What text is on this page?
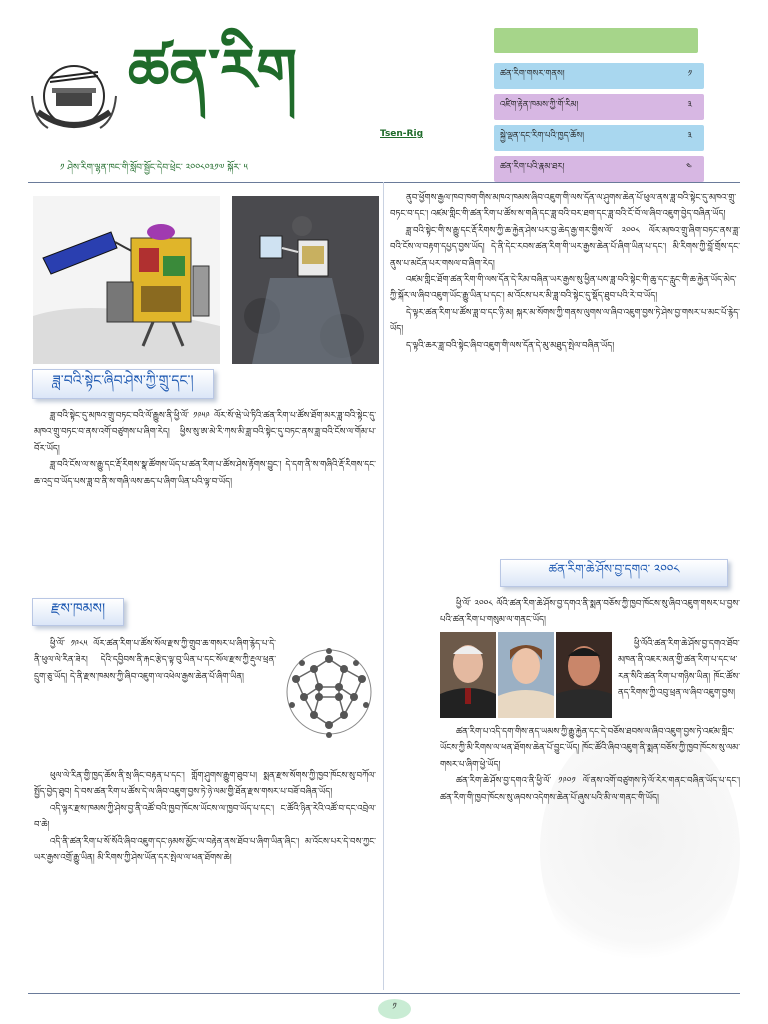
ཚན་རིག
Tsen-Rig
༡ ཤེས་རིག་ལྷན་ཁང་གི་སློབ་སྦྱོང་དེབ་ཕྲེང་ ༢༠༠༨༠༣༡༧ སྐོར་ ༥
ཚན་རིག་གསར་གནས།	༡
འཛིག་རྟེན་ཁམས་ཀྱི་གོ་རིམ།	༣
སྐྱེ་ལྡན་དང་རིག་པའི་ཁྱད་ཆོས།	༣
ཚན་རིག་པའི་རྣམ་ཐར།	༤
ཟླ་བའི་སྟེང་ཞིབ་ཤེས་ཀྱི་གྲུ་དང་།

ཟླ་བའི་སྟེང་དུ་མཁའ་གྲུ་བཏང་བའི་ལོ་རྒྱུས་ནི་ཕྱི་ལོ་ ༡༩༥༩ ལོར་སོ་ཝེ་ཡེ་ཏིའི་ཚན་རིག་པ་ཚོས་ཐོག་མར་ཟླ་བའི་སྟེང་དུ་མཁའ་གྲུ་བཏང་བ་ནས་འགོ་བཙུགས་པ་ཞིག་རེད། ཕྱིས་སུ་ཨ་མེ་རི་ཀས་མི་ཟླ་བའི་སྟེང་དུ་བཏང་ནས་ཟླ་བའི་ངོས་ལ་གོམ་པ་བོར་ཡོད།

ཟླ་བའི་ངོས་ལ་ས་རྒྱུ་དང་རྡོ་རིགས་སྣ་ཚོགས་ཡོད་པ་ཚན་རིག་པ་ཚོས་ཤེས་རྟོགས་བྱུང་། དེ་དག་ནི་ས་གཞིའི་རྡོ་རིགས་དང་ཆ་འདྲ་བ་ཡོད་པས་ཟླ་བ་ནི་ས་གཞི་ལས་ཆད་པ་ཞིག་ཡིན་པའི་ལྟ་བ་ཡོད།

རྫས་ཁམས།

ཕྱི་ལོ་ ༡༩༨༥ ལོར་ཚན་རིག་པ་ཚོས་སོལ་རྫས་ཀྱི་གྲུབ་ཆ་གསར་པ་ཞིག་རྙེད་པ་དེ་ནི་ཕུལ་ལེ་རིན་ཟེར། དེའི་དབྱིབས་ནི་རྐང་རྩེད་ལྟ་བུ་ཡིན་པ་དང་སོལ་རྫས་ཀྱི་རྡུལ་ཕྲན་དྲུག་ཅུ་ཡོད། དེ་ནི་རྫས་ཁམས་ཀྱི་ཞིབ་འཇུག་ལ་འཕེལ་རྒྱས་ཆེན་པོ་ཞིག་ཡིན།

ཕུལ་ལེ་རིན་གྱི་ཁྱད་ཆོས་ནི་སྲ་ཞིང་བརྟན་པ་དང་། གློག་ཤུགས་རྒྱུག་ཐུབ་པ། སྨན་རྫས་སོགས་ཀྱི་ཁྱབ་ཁོངས་སུ་བཀོལ་སྤྱོད་བྱེད་ཐུབ། དེ་བས་ཚན་རིག་པ་ཚོས་དེ་ལ་ཞིབ་འཇུག་བྱས་ཏེ་ཉེ་ལམ་གྱི་ཐོན་རྫས་གསར་པ་བཟོ་བཞིན་ཡོད།

འདི་ལྟར་རྫས་ཁམས་ཀྱི་ཤེས་བྱ་ནི་འཚོ་བའི་ཁྱབ་ཁོངས་ཡོངས་ལ་ཁྱབ་ཡོད་པ་དང་། ང་ཚོའི་ཉིན་རེའི་འཚོ་བ་དང་འབྲེལ་བ་ཆེ།

འདི་ནི་ཚན་རིག་པ་སོ་སོའི་ཞིབ་འཇུག་དང་ཉམས་མྱོང་ལ་བརྟེན་ནས་ཐོབ་པ་ཞིག་ཡིན་ཞིང་། མ་འོངས་པར་དེ་བས་ཀྱང་ཡར་རྒྱས་འགྲོ་རྒྱུ་ཡིན། མི་རིགས་ཀྱི་ཤེས་ཡོན་དར་སྤེལ་ལ་ཕན་ཐོགས་ཆེ།

ནུབ་ཕྱོགས་རྒྱལ་ཁབ་ཁག་གིས་མཁའ་ཁམས་ཞིབ་འཇུག་གི་ལས་དོན་ལ་ཤུགས་ཆེན་པོ་ཕུལ་ནས་ཟླ་བའི་སྟེང་དུ་མཁའ་གྲུ་བཏང་བ་དང་། འཛམ་གླིང་གི་ཚན་རིག་པ་ཚོས་ས་གཞི་དང་ཟླ་བའི་བར་ཐག་དང་ཟླ་བའི་ངོ་བོ་ལ་ཞིབ་འཇུག་བྱེད་བཞིན་ཡོད།

ཟླ་བའི་སྟེང་གི་ས་རྒྱུ་དང་རྡོ་རིགས་ཀྱི་ཆ་རྐྱེན་ཤེས་པར་བྱ་ཆེད་རྒྱ་གར་གྱིས་ལོ་ ༢༠༠༨ ལོར་མཁའ་གྲུ་ཞིག་བཏང་ནས་ཟླ་བའི་ངོས་ལ་བརྟག་དཔྱད་བྱས་ཡོད། དེ་ནི་དེང་རབས་ཚན་རིག་གི་ཡར་རྒྱས་ཆེན་པོ་ཞིག་ཡིན་པ་དང་། མི་རིགས་ཀྱི་བློ་གྲོས་དང་ནུས་པ་མངོན་པར་གསལ་བ་ཞིག་རེད།

འཛམ་གླིང་ཐོག་ཚན་རིག་གི་ལས་དོན་དེ་རིམ་བཞིན་ཡར་རྒྱས་སུ་ཕྱིན་པས་ཟླ་བའི་སྟེང་གི་ཆུ་དང་རླུང་གི་ཆ་རྐྱེན་ཡོད་མེད་ཀྱི་སྐོར་ལ་ཞིབ་འཇུག་ཡོང་རྒྱུ་ཡིན་པ་དང་། མ་འོངས་པར་མི་ཟླ་བའི་སྟེང་དུ་སྡོད་ཐུབ་པའི་རེ་བ་ཡོད།

དེ་ལྟར་ཚན་རིག་པ་ཚོས་ཟླ་བ་དང་ཉི་མ། སྐར་མ་སོགས་ཀྱི་གནས་ལུགས་ལ་ཞིབ་འཇུག་བྱས་ཏེ་ཤེས་བྱ་གསར་པ་མང་པོ་རྙེད་ཡོད།

ད་ལྟའི་ཆར་ཟླ་བའི་སྟེང་ཞིབ་འཇུག་གི་ལས་དོན་དེ་མུ་མཐུད་སྤེལ་བཞིན་ཡོད།

ཚན་རིག་ཆེ་ཤོས་བྱ་དགའ་ ༢༠༠༨

ཕྱི་ལོ་ ༢༠༠༨ ལོའི་ཚན་རིག་ཆེ་ཤོས་བྱ་དགའ་ནི་སྨན་བཅོས་ཀྱི་ཁྱབ་ཁོངས་སུ་ཞིབ་འཇུག་གསར་པ་བྱས་པའི་ཚན་རིག་པ་གསུམ་ལ་གནང་ཡོད།

ཕྱི་ལོའི་ཚན་རིག་ཆེ་ཤོས་བྱ་དགའ་ཐོབ་མཁན་ནི་འཇར་མན་གྱི་ཚན་རིག་པ་དང་ཕ་རན་སིའི་ཚན་རིག་པ་གཉིས་ཡིན། ཁོང་ཚོས་ནད་རིགས་ཀྱི་འབུ་ཕྲན་ལ་ཞིབ་འཇུག་བྱས།

ཚན་རིག་པ་འདི་དག་གིས་ནད་ཡམས་ཀྱི་རྒྱུ་རྐྱེན་དང་དེ་བཅོས་ཐབས་ལ་ཞིབ་འཇུག་བྱས་ཏེ་འཛམ་གླིང་ཡོངས་ཀྱི་མི་རིགས་ལ་ཕན་ཐོགས་ཆེན་པོ་བྱུང་ཡོད། ཁོང་ཚོའི་ཞིབ་འཇུག་ནི་སྨན་བཅོས་ཀྱི་ཁྱབ་ཁོངས་སུ་ལམ་གསར་པ་ཞིག་ཕྱེ་ཡོད།

ཚན་རིག་ཆེ་ཤོས་བྱ་དགའ་ནི་ཕྱི་ལོ་ ༡༩༠༡ ལོ་ནས་འགོ་བཙུགས་ཏེ་ལོ་རེར་གནང་བཞིན་ཡོད་པ་དང་། ཚན་རིག་གི་ཁྱབ་ཁོངས་སུ་ཞབས་འདེགས་ཆེན་པོ་ཞུས་པའི་མི་ལ་གནང་གི་ཡོད།

༡
